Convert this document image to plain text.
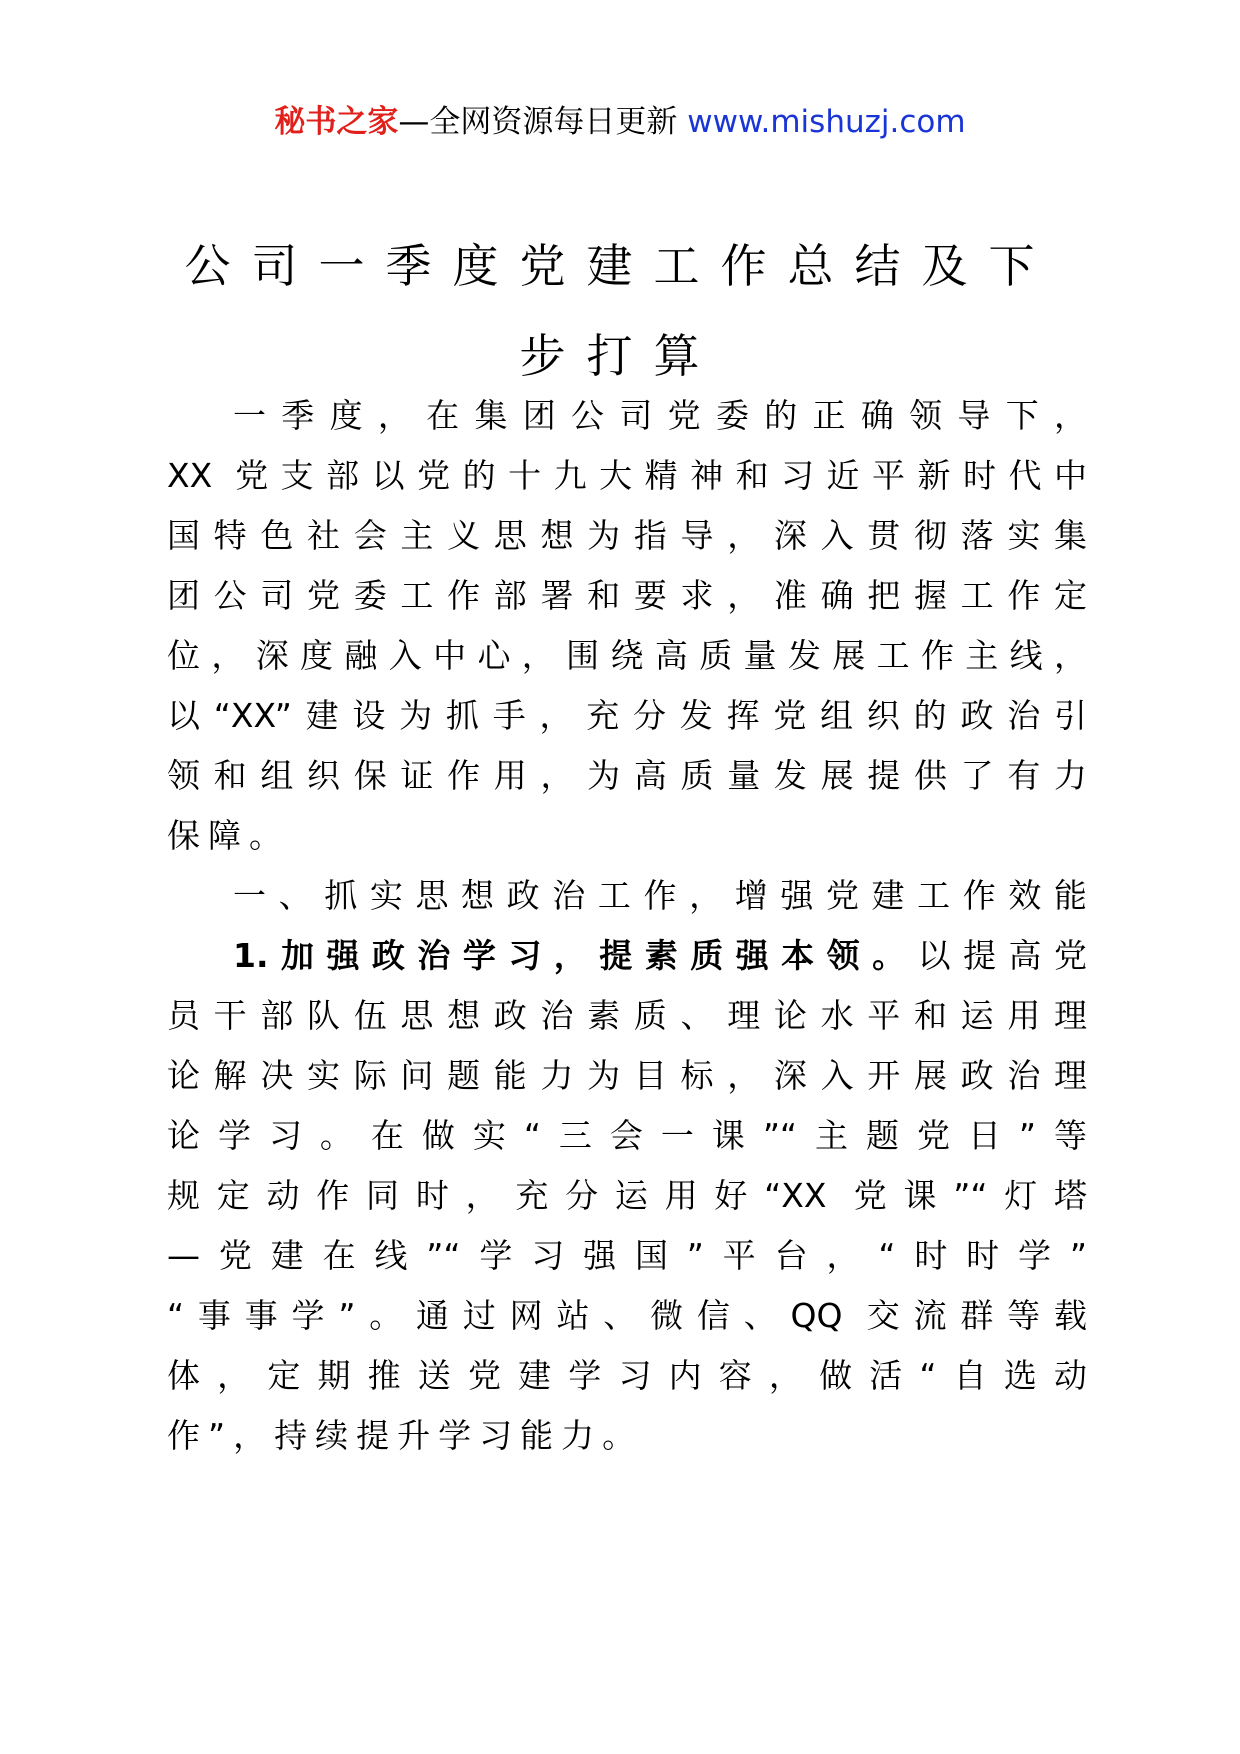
秘书之家—全网资源每日更新 www.mishuzj.com
公司一季度党建工作总结及下
步打算
一季度，在集团公司党委的正确领导下，
XX 党支部以党的十九大精神和习近平新时代中
国特色社会主义思想为指导，深入贯彻落实集
团公司党委工作部署和要求，准确把握工作定
位，深度融入中心，围绕高质量发展工作主线，
以“XX”建设为抓手，充分发挥党组织的政治引
领和组织保证作用，为高质量发展提供了有力
保障。
一、抓实思想政治工作，增强党建工作效能
1.加强政治学习，提素质强本领。以提高党
员干部队伍思想政治素质、理论水平和运用理
论解决实际问题能力为目标，深入开展政治理
论学习。在做实“三会一课”“主题党日”等
规定动作同时，充分运用好“XX 党课”“灯塔
—党建在线”“学习强国”平台，“时时学”
“事事学”。通过网站、微信、QQ 交流群等载
体，定期推送党建学习内容，做活“自选动
作”，持续提升学习能力。
